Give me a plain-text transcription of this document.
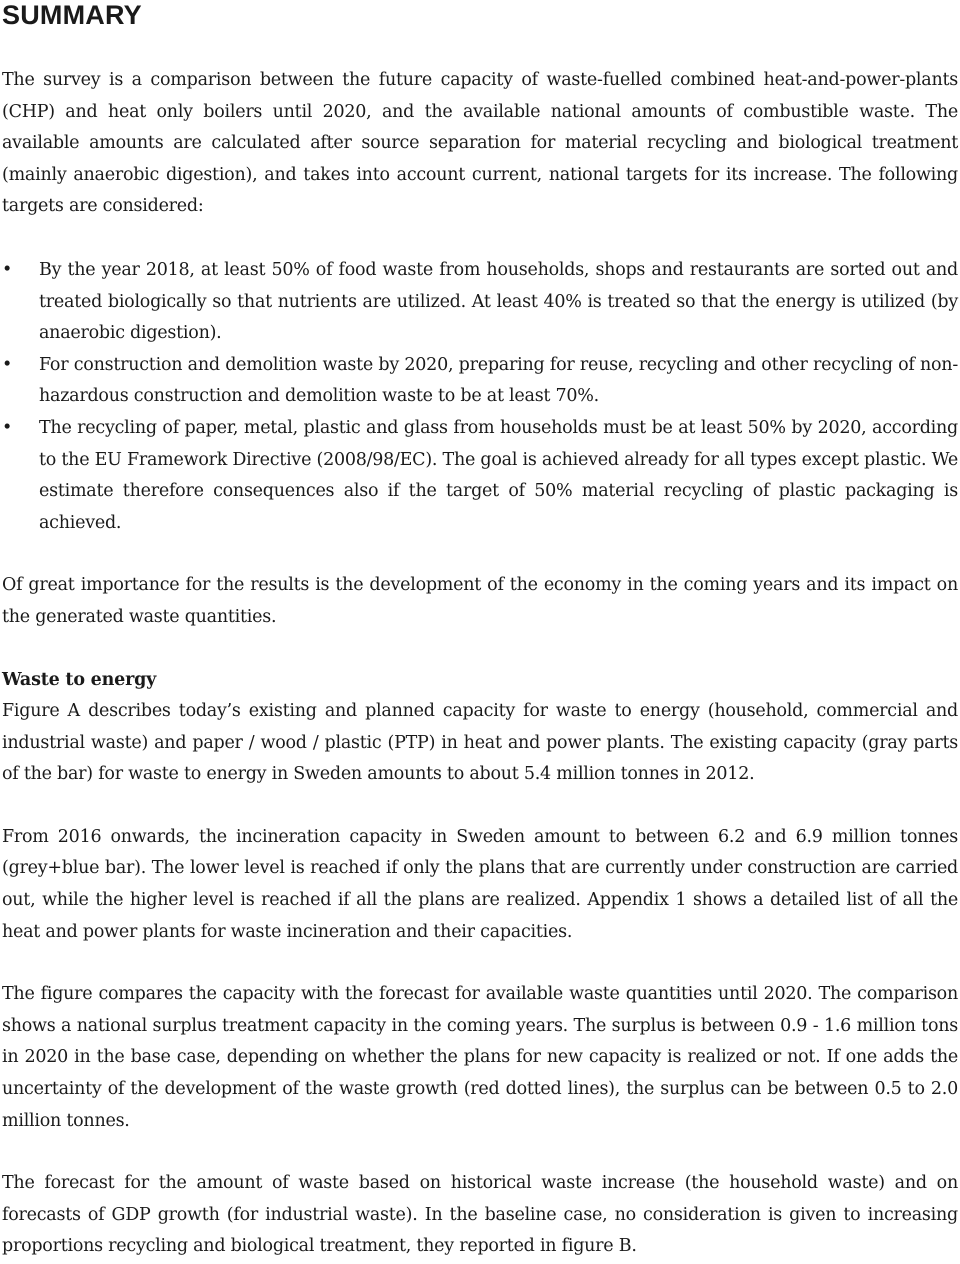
SUMMARY

The survey is a comparison between the future capacity of waste-fuelled combined heat-and-power-plants (CHP) and heat only boilers until 2020, and the available national amounts of combustible waste. The available amounts are calculated after source separation for material recycling and biological treatment (mainly anaerobic digestion), and takes into account current, national targets for its increase. The following targets are considered:

• By the year 2018, at least 50% of food waste from households, shops and restaurants are sorted out and treated biologically so that nutrients are utilized. At least 40% is treated so that the energy is utilized (by anaerobic digestion).
• For construction and demolition waste by 2020, preparing for reuse, recycling and other recycling of non-hazardous construction and demolition waste to be at least 70%.
• The recycling of paper, metal, plastic and glass from households must be at least 50% by 2020, according to the EU Framework Directive (2008/98/EC). The goal is achieved already for all types except plastic. We estimate therefore consequences also if the target of 50% material recycling of plastic packaging is achieved.

Of great importance for the results is the development of the economy in the coming years and its impact on the generated waste quantities.

Waste to energy

Figure A describes today’s existing and planned capacity for waste to energy (household, commercial and industrial waste) and paper / wood / plastic (PTP) in heat and power plants. The existing capacity (gray parts of the bar) for waste to energy in Sweden amounts to about 5.4 million tonnes in 2012.

From 2016 onwards, the incineration capacity in Sweden amount to between 6.2 and 6.9 million tonnes (grey+blue bar). The lower level is reached if only the plans that are currently under construction are carried out, while the higher level is reached if all the plans are realized. Appendix 1 shows a detailed list of all the heat and power plants for waste incineration and their capacities.

The figure compares the capacity with the forecast for available waste quantities until 2020. The comparison shows a national surplus treatment capacity in the coming years. The surplus is between 0.9 - 1.6 million tons in 2020 in the base case, depending on whether the plans for new capacity is realized or not. If one adds the uncertainty of the development of the waste growth (red dotted lines), the surplus can be between 0.5 to 2.0 million tonnes.

The forecast for the amount of waste based on historical waste increase (the household waste) and on forecasts of GDP growth (for industrial waste). In the baseline case, no consideration is given to increasing proportions recycling and biological treatment, they reported in figure B.
